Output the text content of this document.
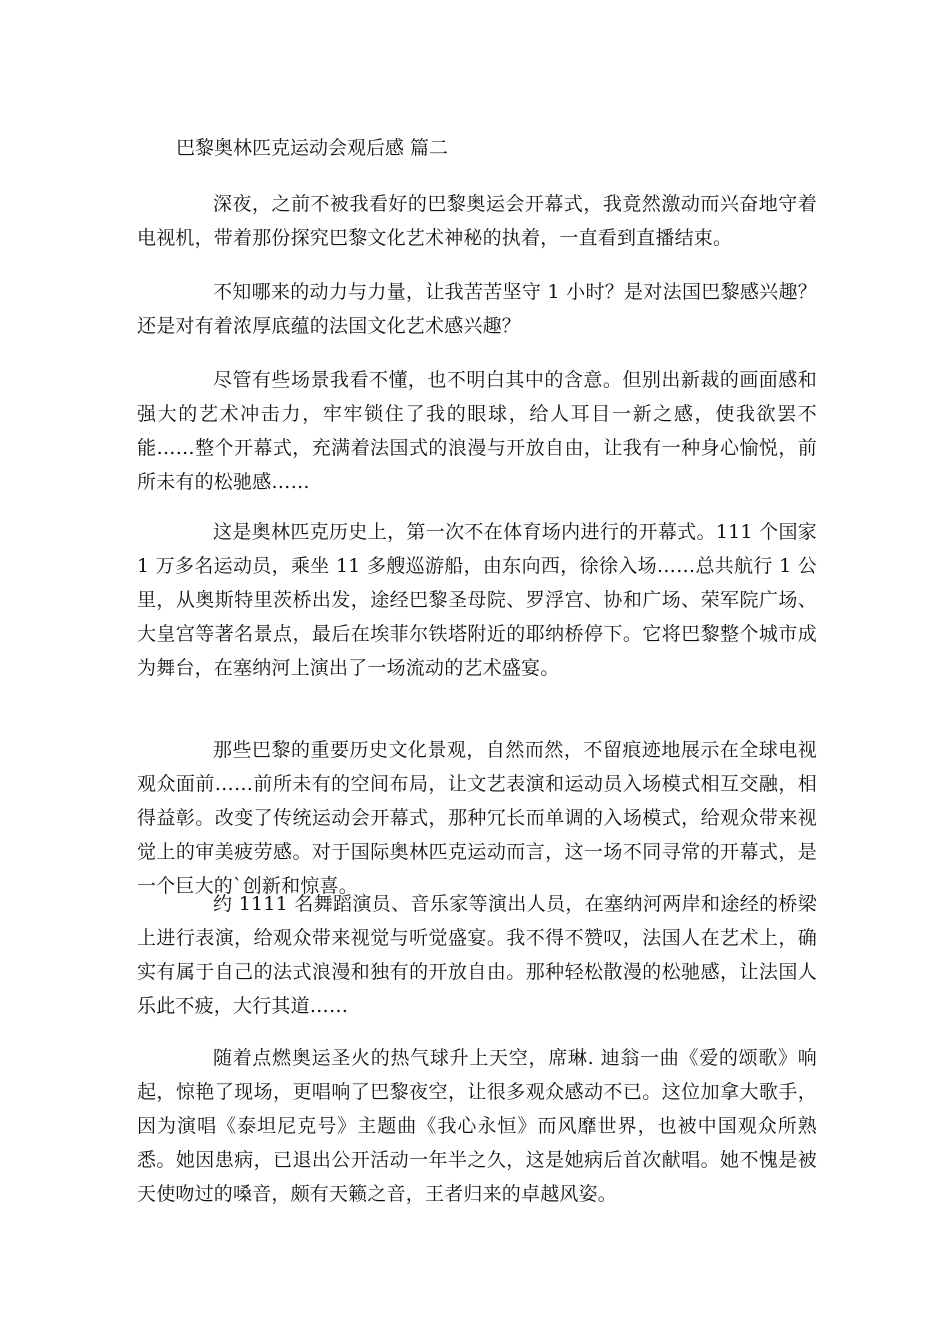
巴黎奥林匹克运动会观后感 篇二

深夜，之前不被我看好的巴黎奥运会开幕式，我竟然激动而兴奋地守着电视机，带着那份探究巴黎文化艺术神秘的执着，一直看到直播结束。

不知哪来的动力与力量，让我苦苦坚守 1 小时？是对法国巴黎感兴趣？还是对有着浓厚底蕴的法国文化艺术感兴趣？

尽管有些场景我看不懂，也不明白其中的含意。但别出新裁的画面感和强大的艺术冲击力，牢牢锁住了我的眼球，给人耳目一新之感，使我欲罢不能……整个开幕式，充满着法国式的浪漫与开放自由，让我有一种身心愉悦，前所未有的松驰感……

这是奥林匹克历史上，第一次不在体育场内进行的开幕式。111 个国家 1 万多名运动员，乘坐 11 多艘巡游船，由东向西，徐徐入场……总共航行 1 公里，从奥斯特里茨桥出发，途经巴黎圣母院、罗浮宫、协和广场、荣军院广场、大皇宫等著名景点，最后在埃菲尔铁塔附近的耶纳桥停下。它将巴黎整个城市成为舞台，在塞纳河上演出了一场流动的艺术盛宴。

那些巴黎的重要历史文化景观，自然而然，不留痕迹地展示在全球电视观众面前……前所未有的空间布局，让文艺表演和运动员入场模式相互交融，相得益彰。改变了传统运动会开幕式，那种冗长而单调的入场模式，给观众带来视觉上的审美疲劳感。对于国际奥林匹克运动而言，这一场不同寻常的开幕式，是一个巨大的`创新和惊喜。

约 1111 名舞蹈演员、音乐家等演出人员，在塞纳河两岸和途经的桥梁上进行表演，给观众带来视觉与听觉盛宴。我不得不赞叹，法国人在艺术上，确实有属于自己的法式浪漫和独有的开放自由。那种轻松散漫的松驰感，让法国人乐此不疲，大行其道……

随着点燃奥运圣火的热气球升上天空，席琳. 迪翁一曲《爱的颂歌》响起，惊艳了现场，更唱响了巴黎夜空，让很多观众感动不已。这位加拿大歌手，因为演唱《泰坦尼克号》主题曲《我心永恒》而风靡世界，也被中国观众所熟悉。她因患病，已退出公开活动一年半之久，这是她病后首次献唱。她不愧是被天使吻过的嗓音，颇有天籁之音，王者归来的卓越风姿。
